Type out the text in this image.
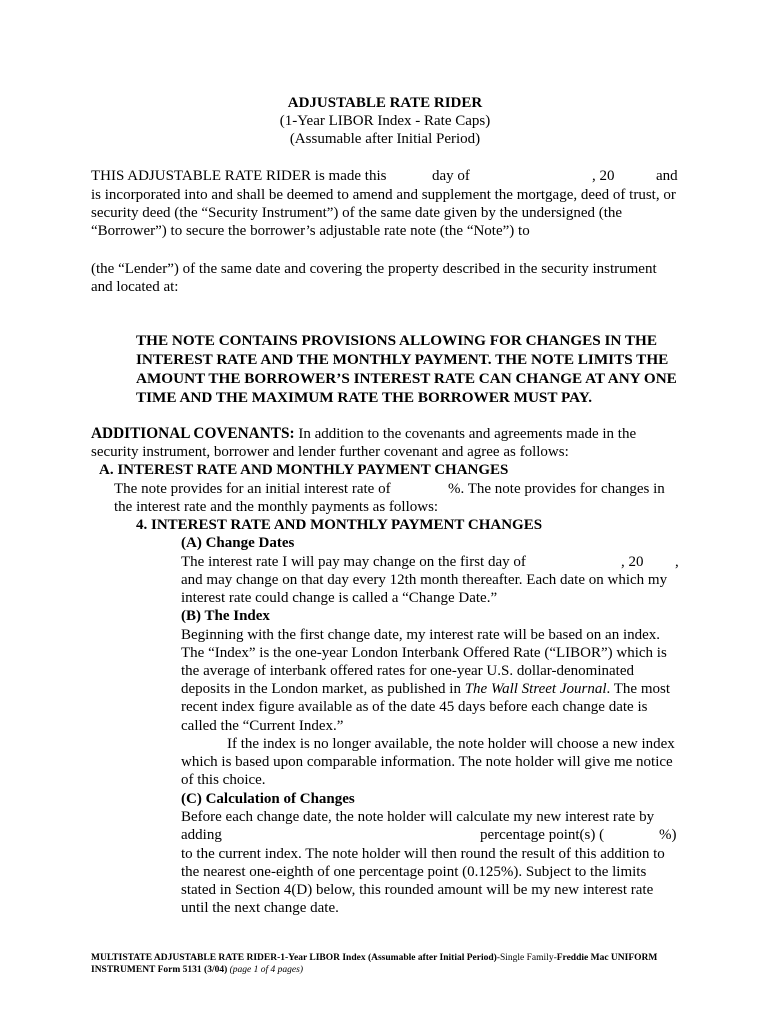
ADJUSTABLE RATE RIDER
(1-Year LIBOR Index - Rate Caps)
(Assumable after Initial Period)
THIS ADJUSTABLE RATE RIDER is made this	day of	, 20	and
is incorporated into and shall be deemed to amend and supplement the mortgage, deed of trust, or
security deed (the “Security Instrument”) of the same date given by the undersigned (the
“Borrower”) to secure the borrower’s adjustable rate note (the “Note”) to
(the “Lender”) of the same date and covering the property described in the security instrument
and located at:
THE NOTE CONTAINS PROVISIONS ALLOWING FOR CHANGES IN THE
INTEREST RATE AND THE MONTHLY PAYMENT. THE NOTE LIMITS THE
AMOUNT THE BORROWER’S INTEREST RATE CAN CHANGE AT ANY ONE
TIME AND THE MAXIMUM RATE THE BORROWER MUST PAY.
ADDITIONAL COVENANTS: In addition to the covenants and agreements made in the
security instrument, borrower and lender further covenant and agree as follows:
A. INTEREST RATE AND MONTHLY PAYMENT CHANGES
The note provides for an initial interest rate of	%. The note provides for changes in
the interest rate and the monthly payments as follows:
4. INTEREST RATE AND MONTHLY PAYMENT CHANGES
(A) Change Dates
The interest rate I will pay may change on the first day of	, 20 ,
and may change on that day every 12th month thereafter. Each date on which my
interest rate could change is called a “Change Date.”
(B) The Index
Beginning with the first change date, my interest rate will be based on an index.
The “Index” is the one-year London Interbank Offered Rate (“LIBOR”) which is
the average of interbank offered rates for one-year U.S. dollar-denominated
deposits in the London market, as published in The Wall Street Journal. The most
recent index figure available as of the date 45 days before each change date is
called the “Current Index.”
If the index is no longer available, the note holder will choose a new index
which is based upon comparable information. The note holder will give me notice
of this choice.
(C) Calculation of Changes
Before each change date, the note holder will calculate my new interest rate by
adding	percentage point(s) (	%)
to the current index. The note holder will then round the result of this addition to
the nearest one-eighth of one percentage point (0.125%). Subject to the limits
stated in Section 4(D) below, this rounded amount will be my new interest rate
until the next change date.
MULTISTATE ADJUSTABLE RATE RIDER-1-Year LIBOR Index (Assumable after Initial Period)-Single Family-Freddie Mac UNIFORM
INSTRUMENT Form 5131 (3/04) (page 1 of 4 pages)
